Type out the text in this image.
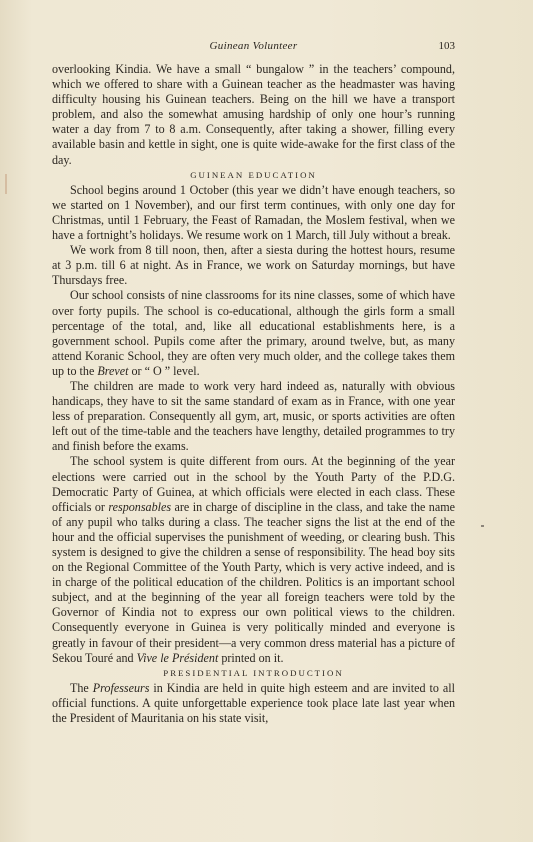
Guinean Volunteer	103

overlooking Kindia. We have a small “ bungalow ” in the teachers’ compound, which we offered to share with a Guinean teacher as the headmaster was having difficulty housing his Guinean teachers. Being on the hill we have a transport problem, and also the somewhat amusing hardship of only one hour’s running water a day from 7 to 8 a.m. Consequently, after taking a shower, filling every available basin and kettle in sight, one is quite wide-awake for the first class of the day.

GUINEAN EDUCATION

School begins around 1 October (this year we didn’t have enough teachers, so we started on 1 November), and our first term continues, with only one day for Christmas, until 1 February, the Feast of Ramadan, the Moslem festival, when we have a fortnight’s holidays. We resume work on 1 March, till July without a break.

We work from 8 till noon, then, after a siesta during the hottest hours, resume at 3 p.m. till 6 at night. As in France, we work on Saturday mornings, but have Thursdays free.

Our school consists of nine classrooms for its nine classes, some of which have over forty pupils. The school is co-educational, although the girls form a small percentage of the total, and, like all educational establishments here, is a government school. Pupils come after the primary, around twelve, but, as many attend Koranic School, they are often very much older, and the college takes them up to the Brevet or “ O ” level.

The children are made to work very hard indeed as, naturally with obvious handicaps, they have to sit the same standard of exam as in France, with one year less of preparation. Consequently all gym, art, music, or sports activities are often left out of the time-table and the teachers have lengthy, detailed programmes to try and finish before the exams.

The school system is quite different from ours. At the beginning of the year elections were carried out in the school by the Youth Party of the P.D.G. Democratic Party of Guinea, at which officials were elected in each class. These officials or responsables are in charge of discipline in the class, and take the name of any pupil who talks during a class. The teacher signs the list at the end of the hour and the official supervises the punishment of weeding, or clearing bush. This system is designed to give the children a sense of responsibility. The head boy sits on the Regional Committee of the Youth Party, which is very active indeed, and is in charge of the political education of the children. Politics is an important school subject, and at the beginning of the year all foreign teachers were told by the Governor of Kindia not to express our own political views to the children. Consequently everyone in Guinea is very politically minded and everyone is greatly in favour of their president—a very common dress material has a picture of Sekou Touré and Vive le Président printed on it.

PRESIDENTIAL INTRODUCTION

The Professeurs in Kindia are held in quite high esteem and are invited to all official functions. A quite unforgettable experience took place late last year when the President of Mauritania on his state visit,
